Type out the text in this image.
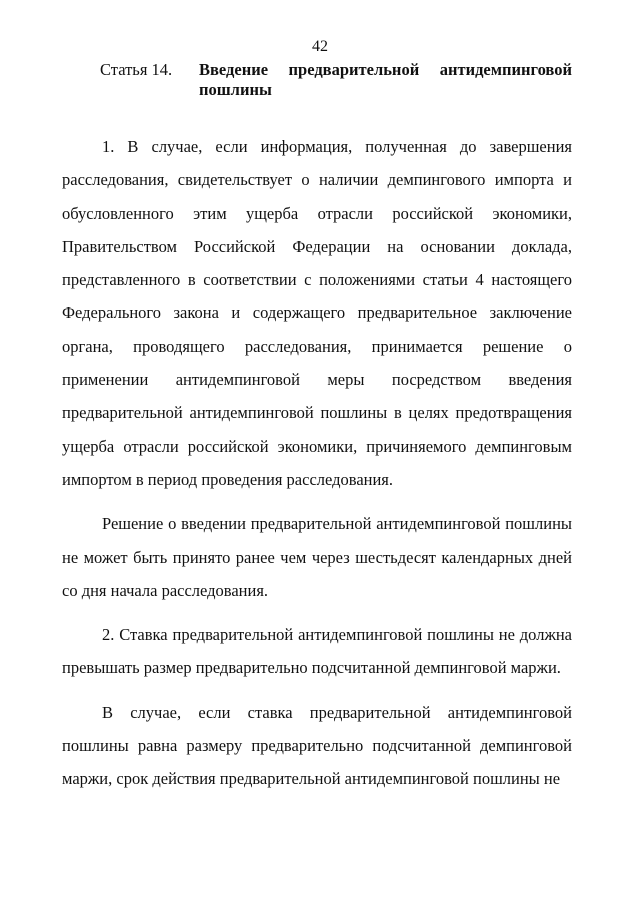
42
Статья 14. Введение предварительной антидемпинговой
пошлины

1. В случае, если информация, полученная до завершения расследования, свидетельствует о наличии демпингового импорта и обусловленного этим ущерба отрасли российской экономики, Правительством Российской Федерации на основании доклада, представленного в соответствии с положениями статьи 4 настоящего Федерального закона и содержащего предварительное заключение органа, проводящего расследования, принимается решение о применении антидемпинговой меры посредством введения предварительной антидемпинговой пошлины в целях предотвращения ущерба отрасли российской экономики, причиняемого демпинговым импортом в период проведения расследования.

Решение о введении предварительной антидемпинговой пошлины не может быть принято ранее чем через шестьдесят календарных дней со дня начала расследования.

2. Ставка предварительной антидемпинговой пошлины не должна превышать размер предварительно подсчитанной демпинговой маржи.

В случае, если ставка предварительной антидемпинговой пошлины равна размеру предварительно подсчитанной демпинговой маржи, срок действия предварительной антидемпинговой пошлины не
